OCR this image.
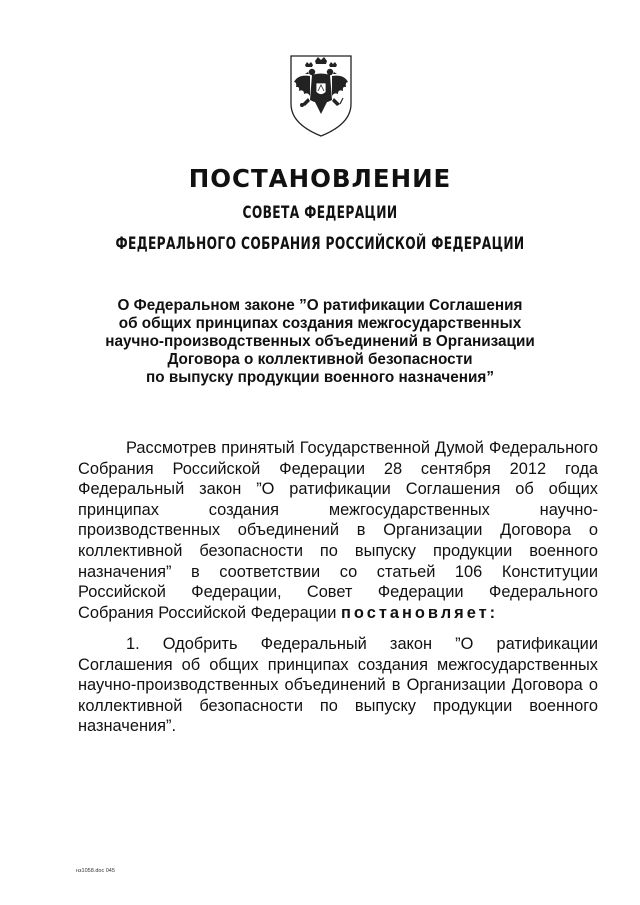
ПОСТАНОВЛЕНИЕ
СОВЕТА ФЕДЕРАЦИИ
ФЕДЕРАЛЬНОГО СОБРАНИЯ РОССИЙСКОЙ ФЕДЕРАЦИИ
О Федеральном законе ”О ратификации Соглашения
об общих принципах создания межгосударственных
научно-производственных объединений в Организации
Договора о коллективной безопасности
по выпуску продукции военного назначения”
Рассмотрев принятый Государственной Думой Федерального
Собрания Российской Федерации 28 сентября 2012 года
Федеральный закон ”О ратификации Соглашения об общих
принципах создания межгосударственных научно-
производственных объединений в Организации Договора о
коллективной безопасности по выпуску продукции военного
назначения” в соответствии со статьей 106 Конституции
Российской Федерации, Совет Федерации Федерального
Собрания Российской Федерации постановляет:
1. Одобрить Федеральный закон ”О ратификации
Соглашения об общих принципах создания межгосударственных
научно-производственных объединений в Организации Договора о
коллективной безопасности по выпуску продукции военного
назначения”.
нз1058.doc 045
